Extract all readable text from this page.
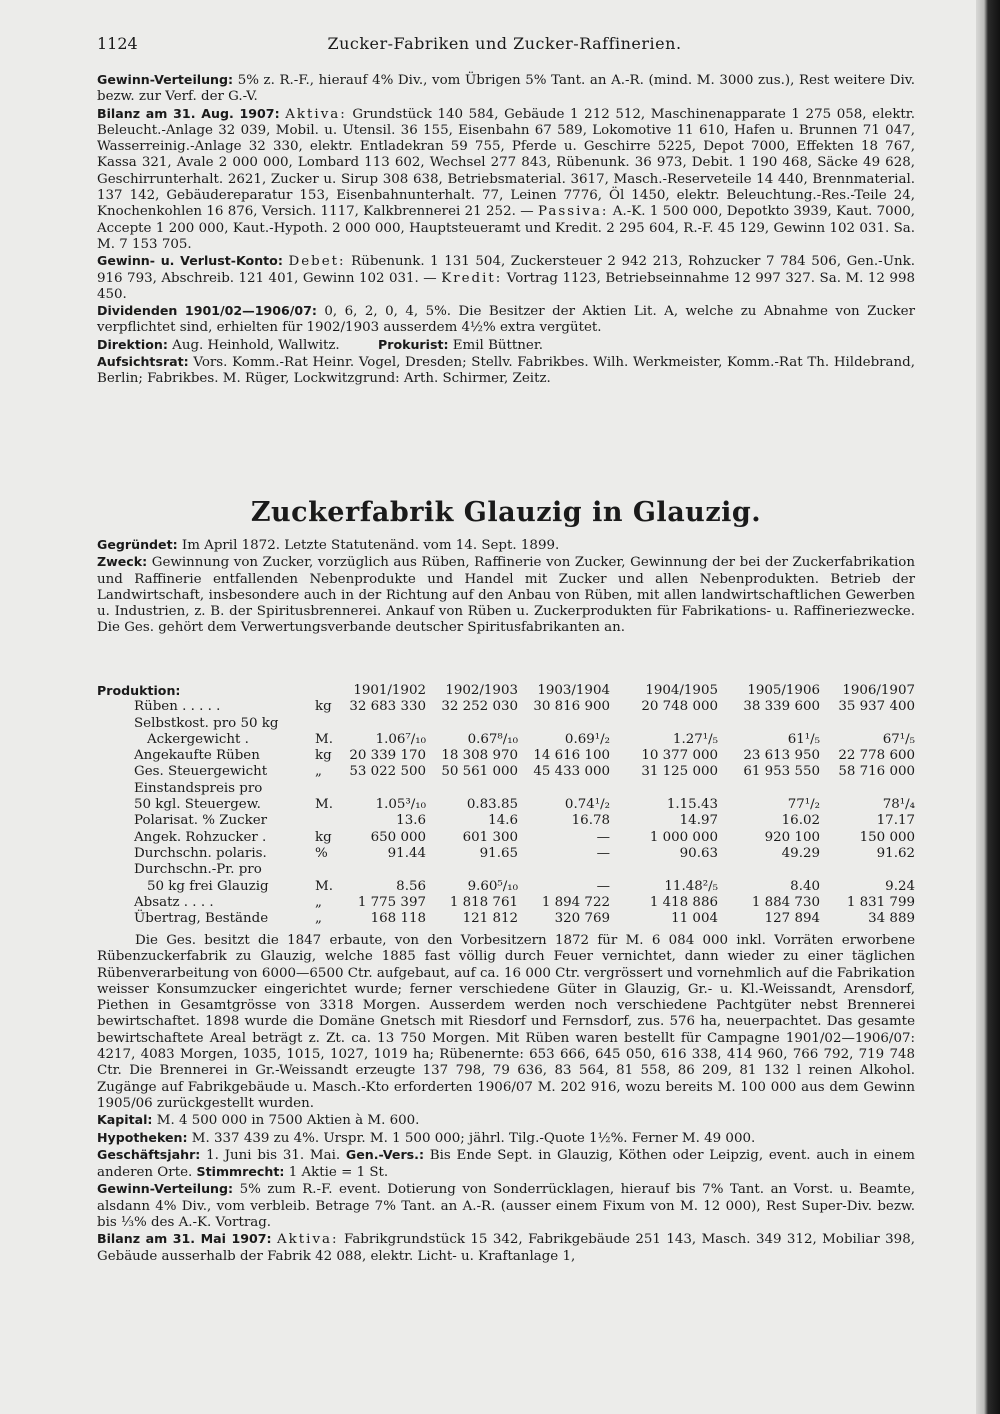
1124	Zucker-Fabriken und Zucker-Raffinerien.

Gewinn-Verteilung: 5% z. R.-F., hierauf 4% Div., vom Übrigen 5% Tant. an A.-R. (mind. M. 3000 zus.), Rest weitere Div. bezw. zur Verf. der G.-V.

Bilanz am 31. Aug. 1907: Aktiva: Grundstück 140 584, Gebäude 1 212 512, Maschinenapparate 1 275 058, elektr. Beleucht.-Anlage 32 039, Mobil. u. Utensil. 36 155, Eisenbahn 67 589, Lokomotive 11 610, Hafen u. Brunnen 71 047, Wasserreinig.-Anlage 32 330, elektr. Entladekran 59 755, Pferde u. Geschirre 5225, Depot 7000, Effekten 18 767, Kassa 321, Avale 2 000 000, Lombard 113 602, Wechsel 277 843, Rübenunk. 36 973, Debit. 1 190 468, Säcke 49 628, Geschirrunterhalt. 2621, Zucker u. Sirup 308 638, Betriebsmaterial. 3617, Masch.-Reserveteile 14 440, Brennmaterial. 137 142, Gebäudereparatur 153, Eisenbahnunterhalt. 77, Leinen 7776, Öl 1450, elektr. Beleuchtung.-Res.-Teile 24, Knochenkohlen 16 876, Versich. 1117, Kalkbrennerei 21 252. — Passiva: A.-K. 1 500 000, Depotkto 3939, Kaut. 7000, Accepte 1 200 000, Kaut.-Hypoth. 2 000 000, Hauptsteueramt und Kredit. 2 295 604, R.-F. 45 129, Gewinn 102 031. Sa. M. 7 153 705.

Gewinn- u. Verlust-Konto: Debet: Rübenunk. 1 131 504, Zuckersteuer 2 942 213, Rohzucker 7 784 506, Gen.-Unk. 916 793, Abschreib. 121 401, Gewinn 102 031. — Kredit: Vortrag 1123, Betriebseinnahme 12 997 327. Sa. M. 12 998 450.

Dividenden 1901/02—1906/07: 0, 6, 2, 0, 4, 5%. Die Besitzer der Aktien Lit. A, welche zu Abnahme von Zucker verpflichtet sind, erhielten für 1902/1903 ausserdem 4½% extra vergütet.

Direktion: Aug. Heinhold, Wallwitz.	Prokurist: Emil Büttner.

Aufsichtsrat: Vors. Komm.-Rat Heinr. Vogel, Dresden; Stellv. Fabrikbes. Wilh. Werkmeister, Komm.-Rat Th. Hildebrand, Berlin; Fabrikbes. M. Rüger, Lockwitzgrund: Arth. Schirmer, Zeitz.

Zuckerfabrik Glauzig in Glauzig.

Gegründet: Im April 1872. Letzte Statutenänd. vom 14. Sept. 1899.

Zweck: Gewinnung von Zucker, vorzüglich aus Rüben, Raffinerie von Zucker, Gewinnung der bei der Zuckerfabrikation und Raffinerie entfallenden Nebenprodukte und Handel mit Zucker und allen Nebenprodukten. Betrieb der Landwirtschaft, insbesondere auch in der Richtung auf den Anbau von Rüben, mit allen landwirtschaftlichen Gewerben u. Industrien, z. B. der Spiritusbrennerei. Ankauf von Rüben u. Zuckerprodukten für Fabrikations- u. Raffineriezwecke. Die Ges. gehört dem Verwertungsverbande deutscher Spiritusfabrikanten an.

Produktion:	1901/1902	1902/1903	1903/1904	1904/1905	1905/1906	1906/1907
Rüben . . . . .	kg	32 683 330	32 252 030	30 816 900	20 748 000	38 339 600	35 937 400
Selbstkost. pro 50 kg
Ackergewicht .	M.	1.06⁷/₁₀	0.67⁸/₁₀	0.69¹/₂	1.27¹/₅	61¹/₅	67¹/₅
Angekaufte Rüben	kg	20 339 170	18 308 970	14 616 100	10 377 000	23 613 950	22 778 600
Ges. Steuergewicht	„	53 022 500	50 561 000	45 433 000	31 125 000	61 953 550	58 716 000
Einstandspreis pro
50 kgl. Steuergew.	M.	1.05³/₁₀	0.83.85	0.74¹/₂	1.15.43	77¹/₂	78¹/₄
Polarisat. % Zucker	13.6	14.6	16.78	14.97	16.02	17.17
Angek. Rohzucker .	kg	650 000	601 300	—	1 000 000	920 100	150 000
Durchschn. polaris.	%	91.44	91.65	—	90.63	49.29	91.62
Durchschn.-Pr. pro
50 kg frei Glauzig	M.	8.56	9.60⁵/₁₀	—	11.48²/₅	8.40	9.24
Absatz . . . .	„	1 775 397	1 818 761	1 894 722	1 418 886	1 884 730	1 831 799
Übertrag, Bestände	„	168 118	121 812	320 769	11 004	127 894	34 889

Die Ges. besitzt die 1847 erbaute, von den Vorbesitzern 1872 für M. 6 084 000 inkl. Vorräten erworbene Rübenzuckerfabrik zu Glauzig, welche 1885 fast völlig durch Feuer vernichtet, dann wieder zu einer täglichen Rübenverarbeitung von 6000—6500 Ctr. aufgebaut, auf ca. 16 000 Ctr. vergrössert und vornehmlich auf die Fabrikation weisser Konsumzucker eingerichtet wurde; ferner verschiedene Güter in Glauzig, Gr.- u. Kl.-Weissandt, Arensdorf, Piethen in Gesamtgrösse von 3318 Morgen. Ausserdem werden noch verschiedene Pachtgüter nebst Brennerei bewirtschaftet. 1898 wurde die Domäne Gnetsch mit Riesdorf und Fernsdorf, zus. 576 ha, neuerpachtet. Das gesamte bewirtschaftete Areal beträgt z. Zt. ca. 13 750 Morgen. Mit Rüben waren bestellt für Campagne 1901/02—1906/07: 4217, 4083 Morgen, 1035, 1015, 1027, 1019 ha; Rübenernte: 653 666, 645 050, 616 338, 414 960, 766 792, 719 748 Ctr. Die Brennerei in Gr.-Weissandt erzeugte 137 798, 79 636, 83 564, 81 558, 86 209, 81 132 l reinen Alkohol. Zugänge auf Fabrikgebäude u. Masch.-Kto erforderten 1906/07 M. 202 916, wozu bereits M. 100 000 aus dem Gewinn 1905/06 zurückgestellt wurden.

Kapital: M. 4 500 000 in 7500 Aktien à M. 600.

Hypotheken: M. 337 439 zu 4%. Urspr. M. 1 500 000; jährl. Tilg.-Quote 1½%. Ferner M. 49 000.

Geschäftsjahr: 1. Juni bis 31. Mai. Gen.-Vers.: Bis Ende Sept. in Glauzig, Köthen oder Leipzig, event. auch in einem anderen Orte. Stimmrecht: 1 Aktie = 1 St.

Gewinn-Verteilung: 5% zum R.-F. event. Dotierung von Sonderrücklagen, hierauf bis 7% Tant. an Vorst. u. Beamte, alsdann 4% Div., vom verbleib. Betrage 7% Tant. an A.-R. (ausser einem Fixum von M. 12 000), Rest Super-Div. bezw. bis ⅓% des A.-K. Vortrag.

Bilanz am 31. Mai 1907: Aktiva: Fabrikgrundstück 15 342, Fabrikgebäude 251 143, Masch. 349 312, Mobiliar 398, Gebäude ausserhalb der Fabrik 42 088, elektr. Licht- u. Kraftanlage 1,
